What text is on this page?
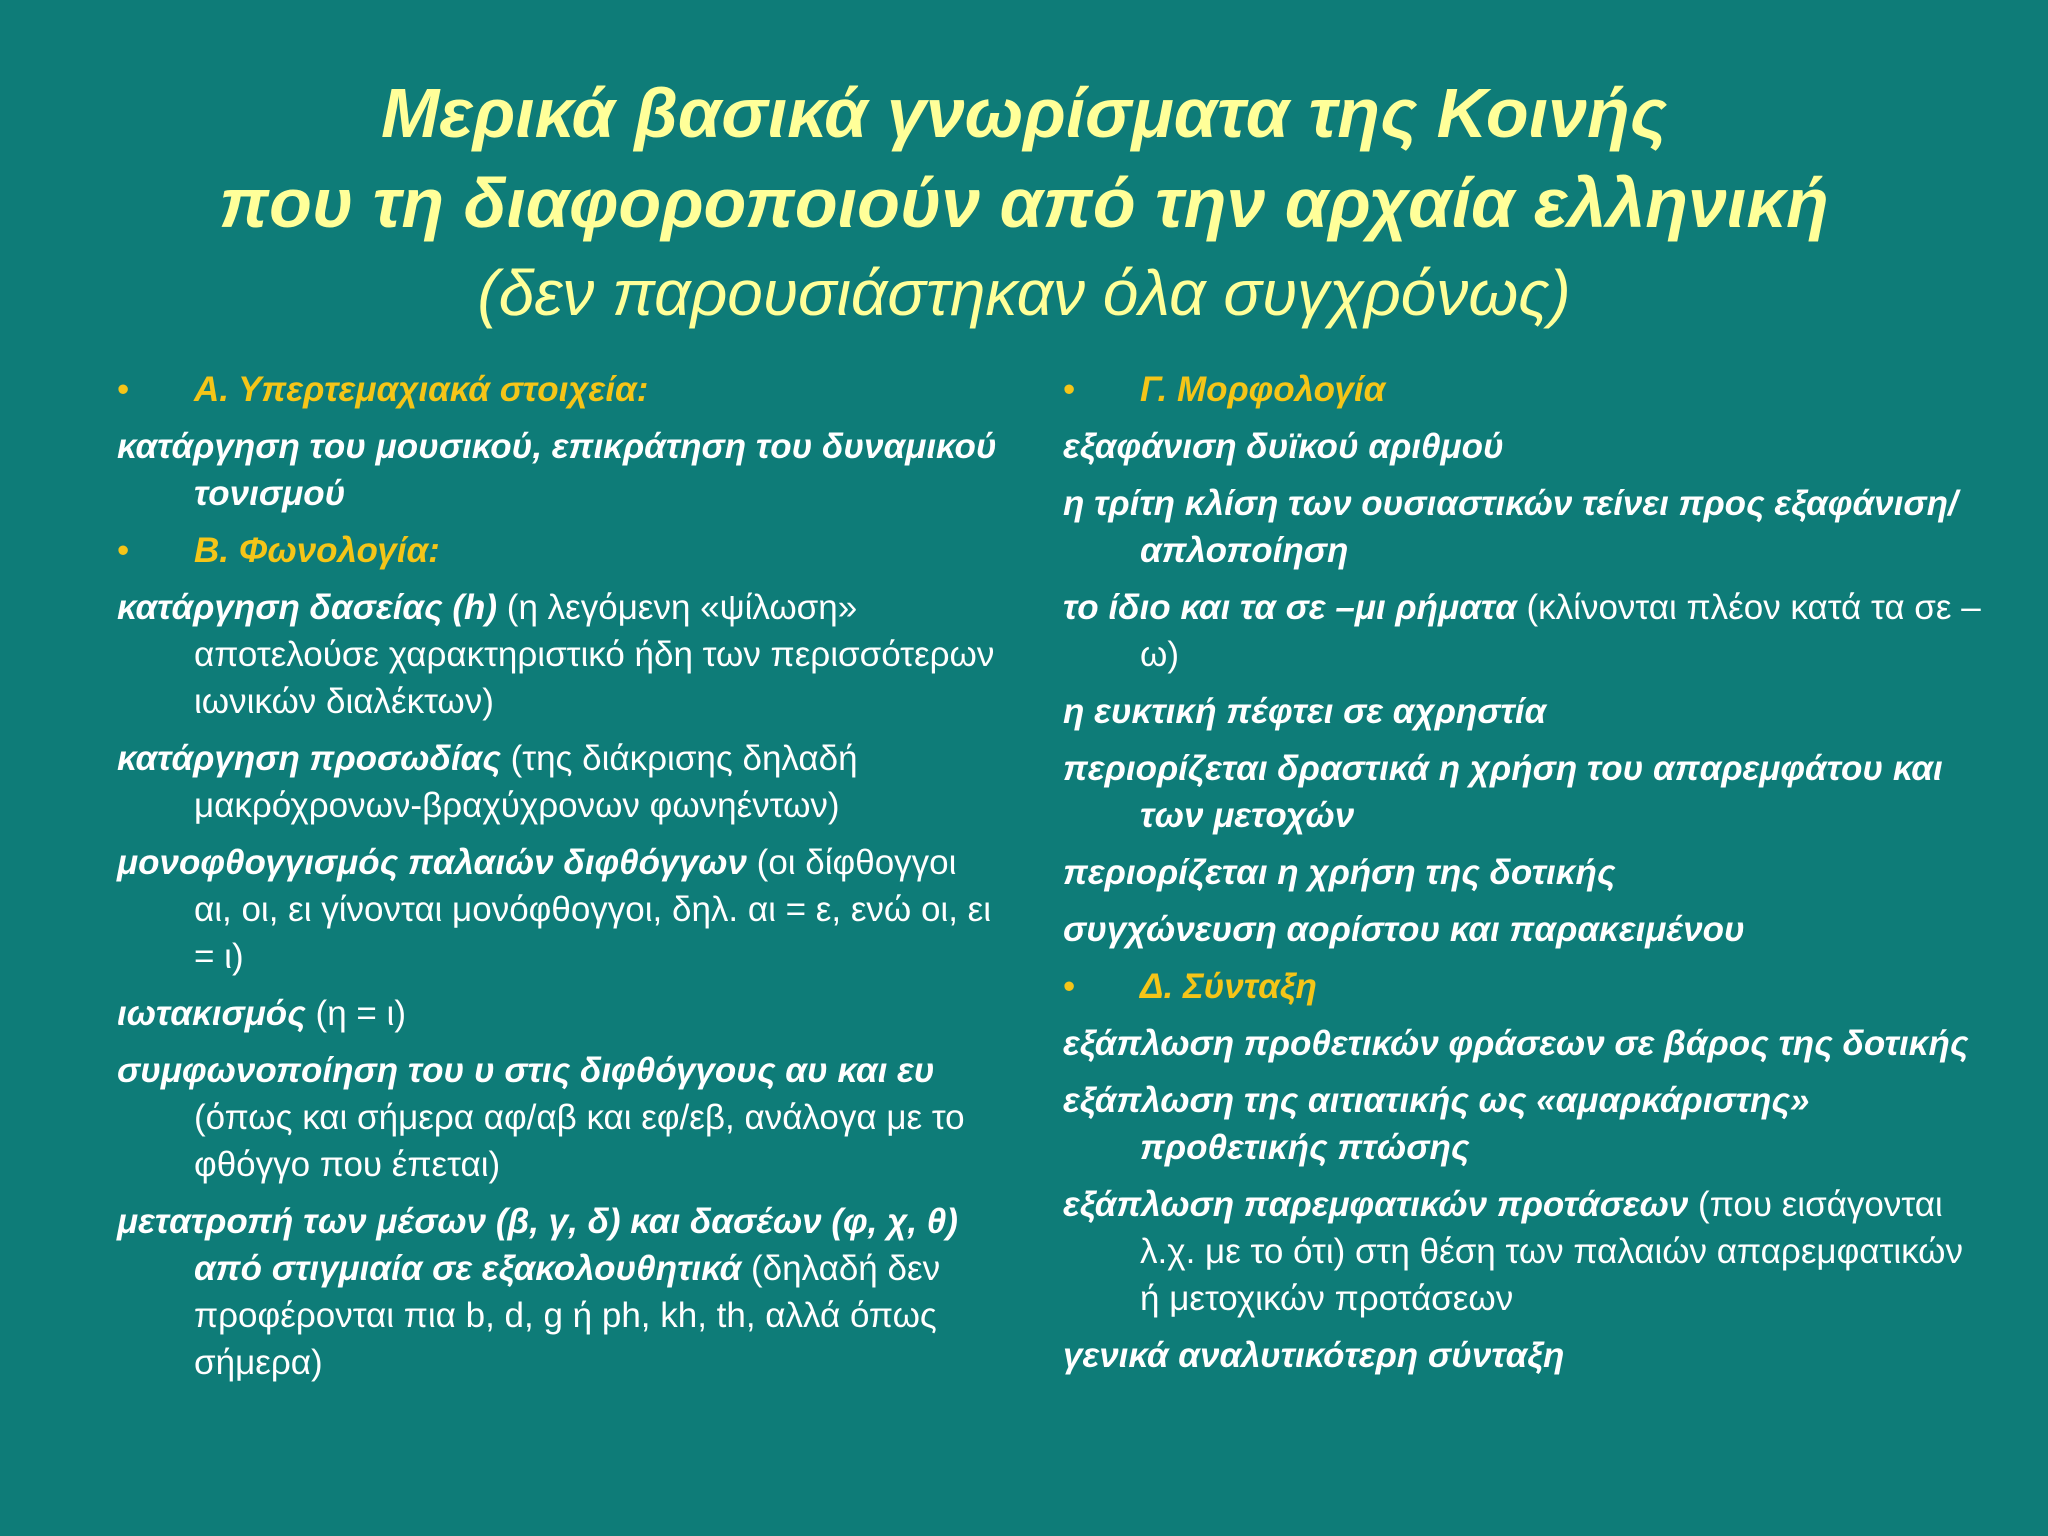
Μερικά βασικά γνωρίσματα της Κοινής
που τη διαφοροποιούν από την αρχαία ελληνική
(δεν παρουσιάστηκαν όλα συγχρόνως)
• Α. Υπερτεμαχιακά στοιχεία:
κατάργηση του μουσικού, επικράτηση του δυναμικού τονισμού
• Β. Φωνολογία:
κατάργηση δασείας (h) (η λεγόμενη «ψίλωση» αποτελούσε χαρακτηριστικό ήδη των περισσότερων ιωνικών διαλέκτων)
κατάργηση προσωδίας (της διάκρισης δηλαδή μακρόχρονων-βραχύχρονων φωνηέντων)
μονοφθογγισμός παλαιών διφθόγγων (οι δίφθογγοι αι, οι, ει γίνονται μονόφθογγοι, δηλ. αι = ε, ενώ οι, ει = ι)
ιωτακισμός (η = ι)
συμφωνοποίηση του υ στις διφθόγγους αυ και ευ (όπως και σήμερα αφ/αβ και εφ/εβ, ανάλογα με το φθόγγο που έπεται)
μετατροπή των μέσων (β, γ, δ) και δασέων (φ, χ, θ) από στιγμιαία σε εξακολουθητικά (δηλαδή δεν προφέρονται πια b, d, g ή ph, kh, th, αλλά όπως σήμερα)
• Γ. Μορφολογία
εξαφάνιση δυϊκού αριθμού
η τρίτη κλίση των ουσιαστικών τείνει προς εξαφάνιση/απλοποίηση
το ίδιο και τα σε –μι ρήματα (κλίνονται πλέον κατά τα σε –ω)
η ευκτική πέφτει σε αχρηστία
περιορίζεται δραστικά η χρήση του απαρεμφάτου και των μετοχών
περιορίζεται η χρήση της δοτικής
συγχώνευση αορίστου και παρακειμένου
• Δ. Σύνταξη
εξάπλωση προθετικών φράσεων σε βάρος της δοτικής
εξάπλωση της αιτιατικής ως «αμαρκάριστης» προθετικής πτώσης
εξάπλωση παρεμφατικών προτάσεων (που εισάγονται λ.χ. με το ότι) στη θέση των παλαιών απαρεμφατικών ή μετοχικών προτάσεων
γενικά αναλυτικότερη σύνταξη
